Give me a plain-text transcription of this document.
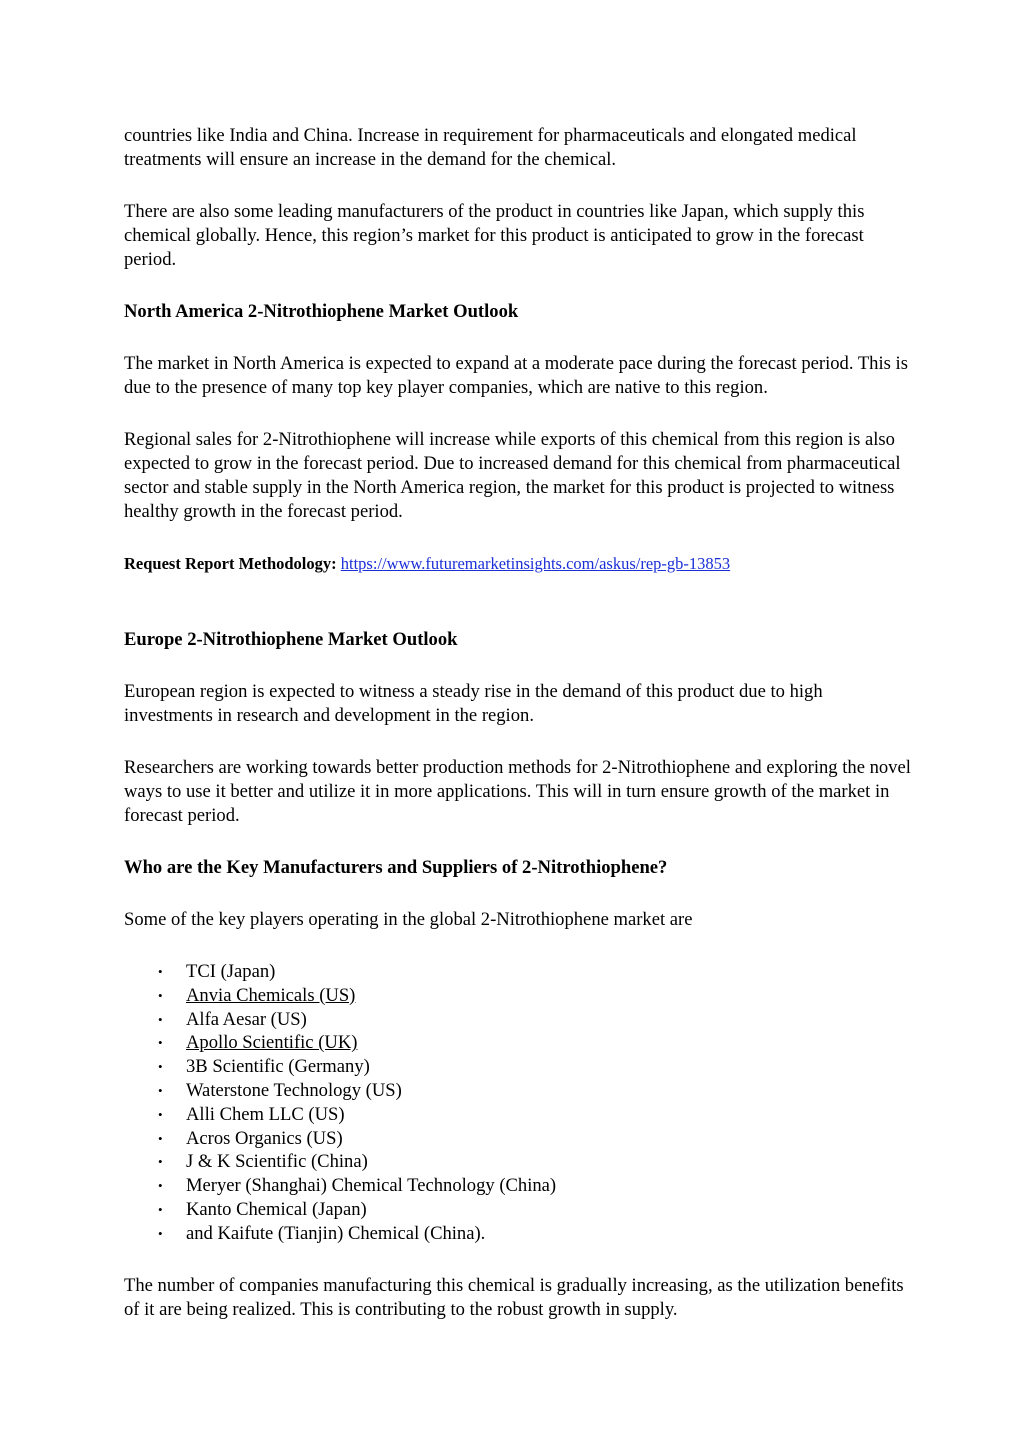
countries like India and China. Increase in requirement for pharmaceuticals and elongated medical treatments will ensure an increase in the demand for the chemical.

There are also some leading manufacturers of the product in countries like Japan, which supply this chemical globally. Hence, this region’s market for this product is anticipated to grow in the forecast period.

North America 2-Nitrothiophene Market Outlook

The market in North America is expected to expand at a moderate pace during the forecast period. This is due to the presence of many top key player companies, which are native to this region.

Regional sales for 2-Nitrothiophene will increase while exports of this chemical from this region is also expected to grow in the forecast period. Due to increased demand for this chemical from pharmaceutical sector and stable supply in the North America region, the market for this product is projected to witness healthy growth in the forecast period.

Request Report Methodology: https://www.futuremarketinsights.com/askus/rep-gb-13853

Europe 2-Nitrothiophene Market Outlook

European region is expected to witness a steady rise in the demand of this product due to high investments in research and development in the region.

Researchers are working towards better production methods for 2-Nitrothiophene and exploring the novel ways to use it better and utilize it in more applications. This will in turn ensure growth of the market in forecast period.

Who are the Key Manufacturers and Suppliers of 2-Nitrothiophene?

Some of the key players operating in the global 2-Nitrothiophene market are

• TCI (Japan)
• Anvia Chemicals (US)
• Alfa Aesar (US)
• Apollo Scientific (UK)
• 3B Scientific (Germany)
• Waterstone Technology (US)
• Alli Chem LLC (US)
• Acros Organics (US)
• J & K Scientific (China)
• Meryer (Shanghai) Chemical Technology (China)
• Kanto Chemical (Japan)
• and Kaifute (Tianjin) Chemical (China).

The number of companies manufacturing this chemical is gradually increasing, as the utilization benefits of it are being realized. This is contributing to the robust growth in supply.
